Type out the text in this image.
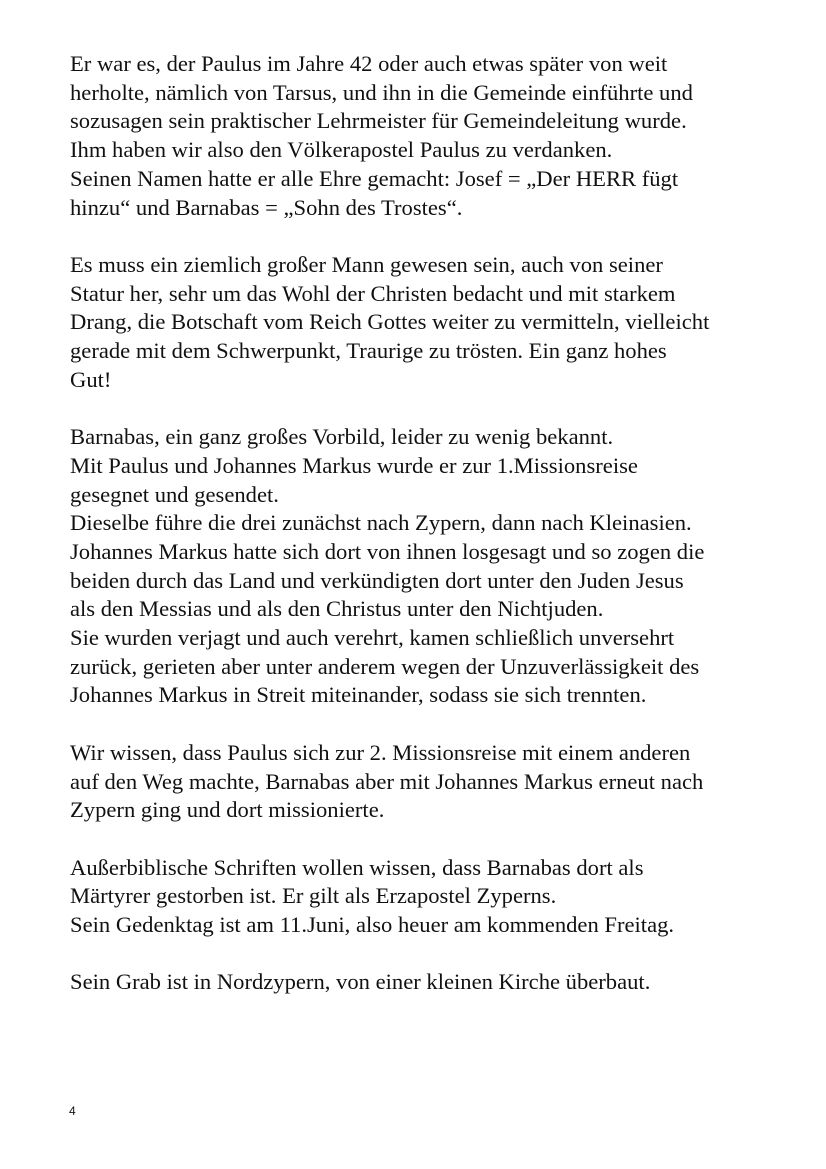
Er war es, der Paulus im Jahre 42 oder auch etwas später von weit
herholte, nämlich von Tarsus, und ihn in die Gemeinde einführte und
sozusagen sein praktischer Lehrmeister für Gemeindeleitung wurde.
Ihm haben wir also den Völkerapostel Paulus zu verdanken.
Seinen Namen hatte er alle Ehre gemacht: Josef = „Der HERR fügt
hinzu“ und Barnabas = „Sohn des Trostes“.

Es muss ein ziemlich großer Mann gewesen sein, auch von seiner
Statur her, sehr um das Wohl der Christen bedacht und mit starkem
Drang, die Botschaft vom Reich Gottes weiter zu vermitteln, vielleicht
gerade mit dem Schwerpunkt, Traurige zu trösten. Ein ganz hohes
Gut!

Barnabas, ein ganz großes Vorbild, leider zu wenig bekannt.
Mit Paulus und Johannes Markus wurde er zur 1.Missionsreise
gesegnet und gesendet.
Dieselbe führe die drei zunächst nach Zypern, dann nach Kleinasien.
Johannes Markus hatte sich dort von ihnen losgesagt und so zogen die
beiden durch das Land und verkündigten dort unter den Juden Jesus
als den Messias und als den Christus unter den Nichtjuden.
Sie wurden verjagt und auch verehrt, kamen schließlich unversehrt
zurück, gerieten aber unter anderem wegen der Unzuverlässigkeit des
Johannes Markus in Streit miteinander, sodass sie sich trennten.

Wir wissen, dass Paulus sich zur 2. Missionsreise mit einem anderen
auf den Weg machte, Barnabas aber mit Johannes Markus erneut nach
Zypern ging und dort missionierte.

Außerbiblische Schriften wollen wissen, dass Barnabas dort als
Märtyrer gestorben ist. Er gilt als Erzapostel Zyperns.
Sein Gedenktag ist am 11.Juni, also heuer am kommenden Freitag.

Sein Grab ist in Nordzypern, von einer kleinen Kirche überbaut.

4
